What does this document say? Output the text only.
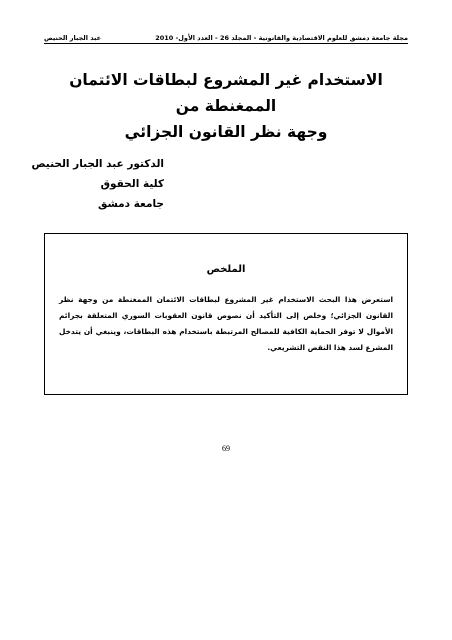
عبد الجبار الحنيص	مجلة جامعة دمشق للعلوم الاقتصادية والقانونية - المجلد 26 - العدد الأول- 2010
الاستخدام غير المشروع لبطاقات الائتمان الممغنطة من
وجهة نظر القانون الجزائي
الدكتور عبد الجبار الحنيص
كلية الحقوق
جامعة دمشق
الملخص
استعرض هذا البحث الاستخدام غير المشروع لبطاقات الائتمان الممغنطة من وجهة نظر القانون الجزائي؛ وخلص إلى التأكيد أن نصوص قانون العقوبات السوري المتعلقة بجرائم الأموال لا توفر الحماية الكافية للمصالح المرتبطة باستخدام هذه البطاقات، وينبغي أن يتدخل المشرع لسد هذا النقص التشريعي.
69
